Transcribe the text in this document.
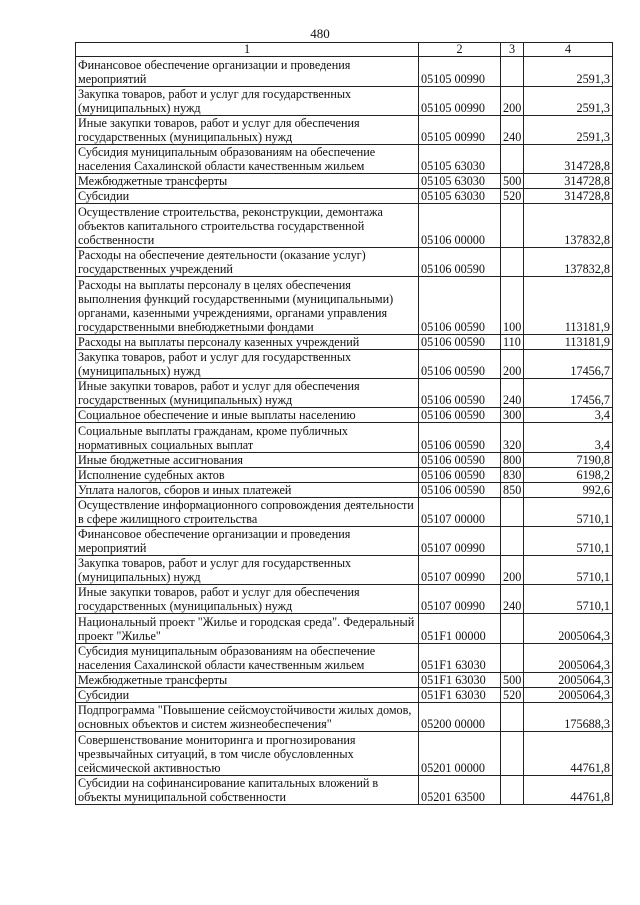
480
1	2	3	4
Финансовое обеспечение организации и проведения мероприятий	05105 00990		2591,3
Закупка товаров, работ и услуг для государственных (муниципальных) нужд	05105 00990	200	2591,3
Иные закупки товаров, работ и услуг для обеспечения государственных (муниципальных) нужд	05105 00990	240	2591,3
Субсидия муниципальным образованиям на обеспечение населения Сахалинской области качественным жильем	05105 63030		314728,8
Межбюджетные трансферты	05105 63030	500	314728,8
Субсидии	05105 63030	520	314728,8
Осуществление строительства, реконструкции, демонтажа объектов капитального строительства государственной собственности	05106 00000		137832,8
Расходы на обеспечение деятельности (оказание услуг) государственных учреждений	05106 00590		137832,8
Расходы на выплаты персоналу в целях обеспечения выполнения функций государственными (муниципальными) органами, казенными учреждениями, органами управления государственными внебюджетными фондами	05106 00590	100	113181,9
Расходы на выплаты персоналу казенных учреждений	05106 00590	110	113181,9
Закупка товаров, работ и услуг для государственных (муниципальных) нужд	05106 00590	200	17456,7
Иные закупки товаров, работ и услуг для обеспечения государственных (муниципальных) нужд	05106 00590	240	17456,7
Социальное обеспечение и иные выплаты населению	05106 00590	300	3,4
Социальные выплаты гражданам, кроме публичных нормативных социальных выплат	05106 00590	320	3,4
Иные бюджетные ассигнования	05106 00590	800	7190,8
Исполнение судебных актов	05106 00590	830	6198,2
Уплата налогов, сборов и иных платежей	05106 00590	850	992,6
Осуществление информационного сопровождения деятельности в сфере жилищного строительства	05107 00000		5710,1
Финансовое обеспечение организации и проведения мероприятий	05107 00990		5710,1
Закупка товаров, работ и услуг для государственных (муниципальных) нужд	05107 00990	200	5710,1
Иные закупки товаров, работ и услуг для обеспечения государственных (муниципальных) нужд	05107 00990	240	5710,1
Национальный проект "Жилье и городская среда". Федеральный проект "Жилье"	051F1 00000		2005064,3
Субсидия муниципальным образованиям на обеспечение населения Сахалинской области качественным жильем	051F1 63030		2005064,3
Межбюджетные трансферты	051F1 63030	500	2005064,3
Субсидии	051F1 63030	520	2005064,3
Подпрограмма "Повышение сейсмоустойчивости жилых домов, основных объектов и систем жизнеобеспечения"	05200 00000		175688,3
Совершенствование мониторинга и прогнозирования чрезвычайных ситуаций, в том числе обусловленных сейсмической активностью	05201 00000		44761,8
Субсидии на софинансирование капитальных вложений в объекты муниципальной собственности	05201 63500		44761,8
